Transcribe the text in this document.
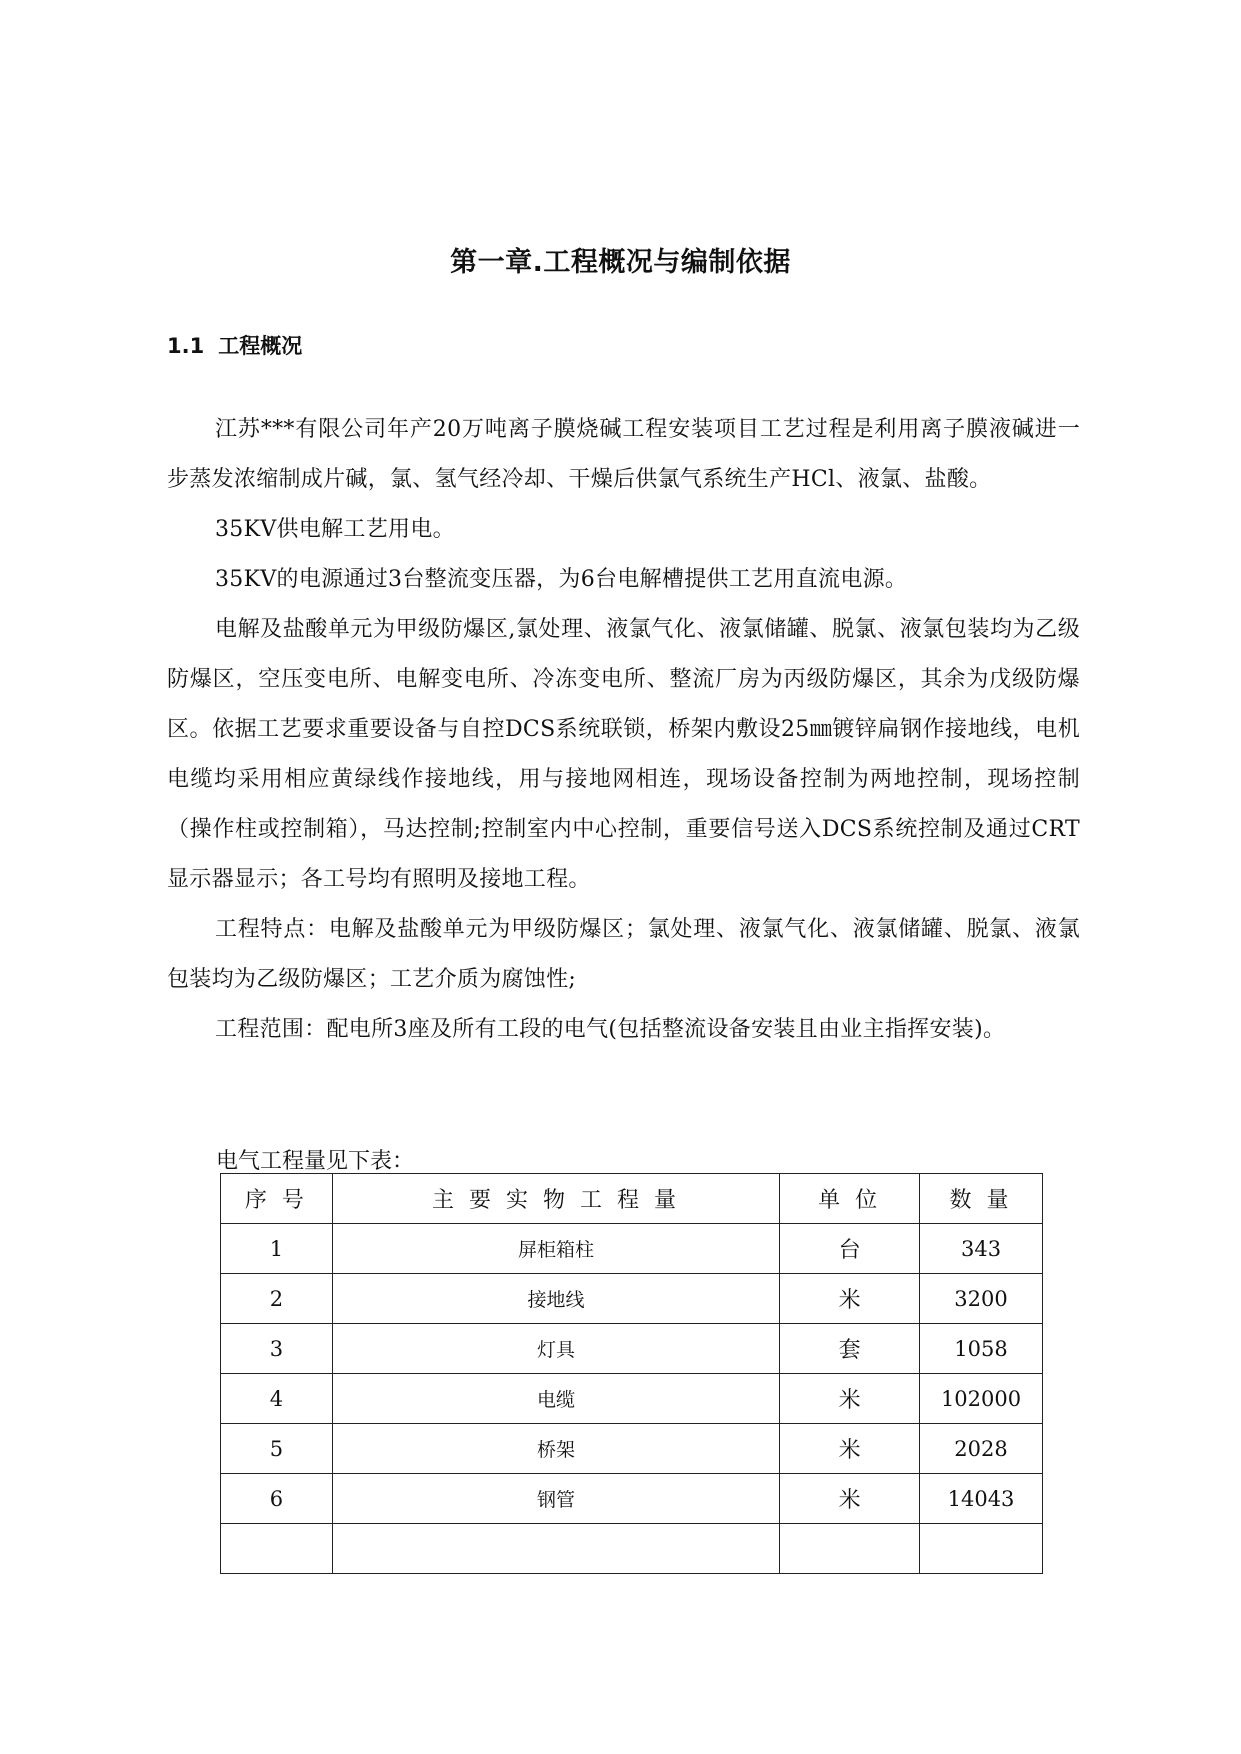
第一章.工程概况与编制依据
1.1 工程概况

江苏***有限公司年产20万吨离子膜烧碱工程安装项目工艺过程是利用离子膜液碱进一步蒸发浓缩制成片碱，氯、氢气经冷却、干燥后供氯气系统生产HCl、液氯、盐酸。

35KV供电解工艺用电。

35KV的电源通过3台整流变压器，为6台电解槽提供工艺用直流电源。

电解及盐酸单元为甲级防爆区,氯处理、液氯气化、液氯储罐、脱氯、液氯包装均为乙级防爆区，空压变电所、电解变电所、冷冻变电所、整流厂房为丙级防爆区，其余为戊级防爆区。依据工艺要求重要设备与自控DCS系统联锁，桥架内敷设25㎜镀锌扁钢作接地线，电机电缆均采用相应黄绿线作接地线，用与接地网相连，现场设备控制为两地控制，现场控制（操作柱或控制箱），马达控制;控制室内中心控制，重要信号送入DCS系统控制及通过CRT显示器显示；各工号均有照明及接地工程。

工程特点：电解及盐酸单元为甲级防爆区；氯处理、液氯气化、液氯储罐、脱氯、液氯包装均为乙级防爆区；工艺介质为腐蚀性;

工程范围：配电所3座及所有工段的电气(包括整流设备安装且由业主指挥安装)。

电气工程量见下表：
序 号	主 要 实 物 工 程 量	单 位	数 量
1	屏柜箱柱	台	343
2	接地线	米	3200
3	灯具	套	1058
4	电缆	米	102000
5	桥架	米	2028
6	钢管	米	14043
